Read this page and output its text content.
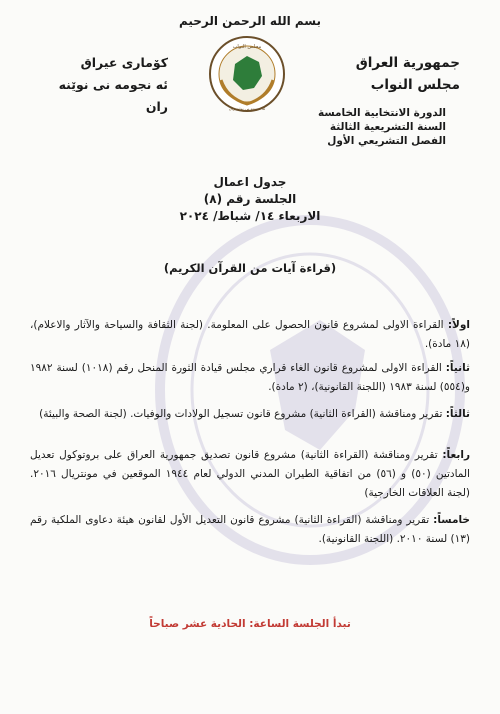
بسم الله الرحمن الرحيم
جمهورية العراق
مجلس النواب
مجلس النواب
ئه نجومه نى نوێنه ران
كۆمارى عيراق
ئه نجومه نى نوێنه ران	الدورة الانتخابية الخامسة
السنة التشريعية الثالثة
الفصل التشريعي الأول
جدول اعمال
الجلسة رقم (٨)
الاربعاء ١٤/ شباط/ ٢٠٢٤
(قراءة آيات من القرآن الكريم)
اولاً: القراءة الاولى لمشروع قانون الحصول على المعلومة. (لجنة الثقافة والسياحة والآثار والاعلام)، (١٨ مادة).
ثانياً: القراءة الاولى لمشروع قانون الغاء قراري مجلس قيادة الثورة المنحل رقم (١٠١٨) لسنة ١٩٨٢ و(٥٥٤) لسنة ١٩٨٣ (اللجنة القانونية)، (٢ مادة).
ثالثاً: تقرير ومناقشة (القراءة الثانية) مشروع قانون تسجيل الولادات والوفيات. (لجنة الصحة والبيئة)
رابعاً: تقرير ومناقشة (القراءة الثانية) مشروع قانون تصديق جمهورية العراق على بروتوكول تعديل المادتين (٥٠) و (٥٦) من اتفاقية الطيران المدني الدولي لعام ١٩٤٤ الموقعين في مونتريال ٢٠١٦. (لجنة العلاقات الخارجية)
خامساً: تقرير ومناقشة (القراءة الثانية) مشروع قانون التعديل الأول لقانون هيئة دعاوى الملكية رقم (١٣) لسنة ٢٠١٠. (اللجنة القانونية).
تبدأ الجلسة الساعة: الحادية عشر صباحاً
